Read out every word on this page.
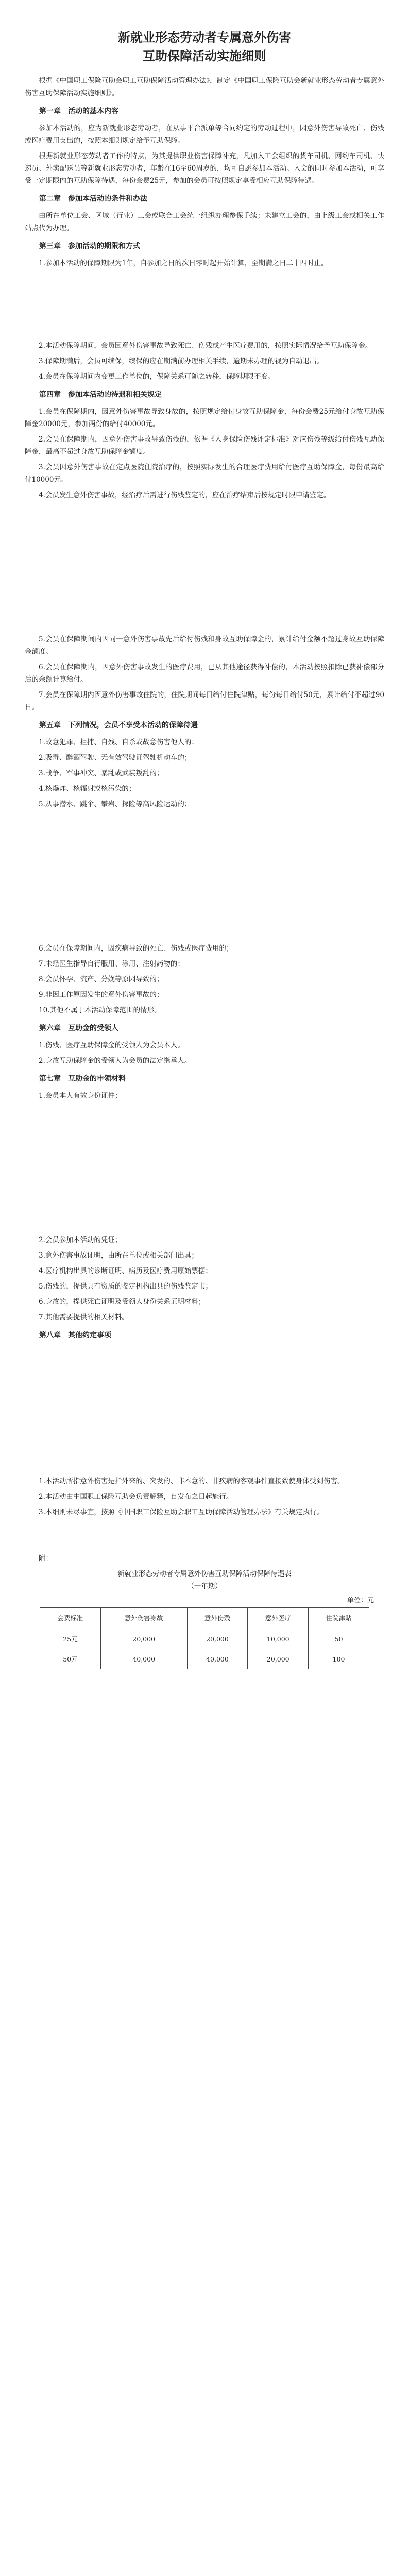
新就业形态劳动者专属意外伤害
互助保障活动实施细则

根据《中国职工保险互助会职工互助保障活动管理办法》，制定《中国职工保险互助会新就业形态劳动者专属意外伤害互助保障活动实施细则》。

第一章　活动的基本内容

参加本活动的，应为新就业形态劳动者，在从事平台派单等合同约定的劳动过程中，因意外伤害导致死亡、伤残或医疗费用支出的，按照本细则规定给予互助保障。

根据新就业形态劳动者工作的特点，为其提供职业伤害保障补充，凡加入工会组织的货车司机、网约车司机、快递员、外卖配送员等新就业形态劳动者，年龄在16至60周岁的，均可自愿参加本活动。入会的同时参加本活动，可享受一定期限内的互助保障待遇，每份会费25元，参加的会员可按照规定享受相应互助保障待遇。

第二章　参加本活动的条件和办法

由所在单位工会、区域（行业）工会或联合工会统一组织办理参保手续；未建立工会的，由上级工会或相关工作站点代为办理。

第三章　参加活动的期限和方式

1.参加本活动的保障期限为1年，自参加之日的次日零时起开始计算，至期满之日二十四时止。

2.本活动保障期间，会员因意外伤害事故导致死亡、伤残或产生医疗费用的，按照实际情况给予互助保障金。

3.保障期满后，会员可续保，续保的应在期满前办理相关手续，逾期未办理的视为自动退出。

4.会员在保障期间内变更工作单位的，保障关系可随之转移，保障期限不变。

第四章　参加本活动的待遇和相关规定

1.会员在保障期内，因意外伤害事故导致身故的，按照规定给付身故互助保障金，每份会费25元给付身故互助保障金20000元，参加两份的给付40000元。

2.会员在保障期内，因意外伤害事故导致伤残的，依据《人身保险伤残评定标准》对应伤残等级给付伤残互助保障金，最高不超过身故互助保障金额度。

3.会员因意外伤害事故在定点医院住院治疗的，按照实际发生的合理医疗费用给付医疗互助保障金，每份最高给付10000元。

4.会员发生意外伤害事故，经治疗后需进行伤残鉴定的，应在治疗结束后按规定时限申请鉴定。

5.会员在保障期间内因同一意外伤害事故先后给付伤残和身故互助保障金的，累计给付金额不超过身故互助保障金额度。

6.会员在保障期内，因意外伤害事故发生的医疗费用，已从其他途径获得补偿的，本活动按照扣除已获补偿部分后的余额计算给付。

7.会员在保障期内因意外伤害事故住院的，住院期间每日给付住院津贴，每份每日给付50元，累计给付不超过90日。

第五章　下列情况，会员不享受本活动的保障待遇

1.故意犯罪、拒捕、自残、自杀或故意伤害他人的；

2.吸毒、醉酒驾驶、无有效驾驶证驾驶机动车的；

3.战争、军事冲突、暴乱或武装叛乱的；

4.核爆炸、核辐射或核污染的；

5.从事潜水、跳伞、攀岩、探险等高风险运动的；

6.会员在保障期间内，因疾病导致的死亡、伤残或医疗费用的；

7.未经医生指导自行服用、涂用、注射药物的；

8.会员怀孕、流产、分娩等原因导致的；

9.非因工作原因发生的意外伤害事故的；

10.其他不属于本活动保障范围的情形。

第六章　互助金的受领人

1.伤残、医疗互助保障金的受领人为会员本人。

2.身故互助保障金的受领人为会员的法定继承人。

第七章　互助金的申领材料

1.会员本人有效身份证件；

2.会员参加本活动的凭证；

3.意外伤害事故证明，由所在单位或相关部门出具；

4.医疗机构出具的诊断证明、病历及医疗费用原始票据；

5.伤残的，提供具有资质的鉴定机构出具的伤残鉴定书；

6.身故的，提供死亡证明及受领人身份关系证明材料；

7.其他需要提供的相关材料。

第八章　其他约定事项

1.本活动所指意外伤害是指外来的、突发的、非本意的、非疾病的客观事件直接致使身体受到伤害。

2.本活动由中国职工保险互助会负责解释，自发布之日起施行。

3.本细则未尽事宜，按照《中国职工保险互助会职工互助保障活动管理办法》有关规定执行。

附：

新就业形态劳动者专属意外伤害互助保障活动保障待遇表

（一年期）

单位：元

会费标准	意外伤害身故	意外伤残	意外医疗	住院津贴
25元	20,000	20,000	10,000	50
50元	40,000	40,000	20,000	100
